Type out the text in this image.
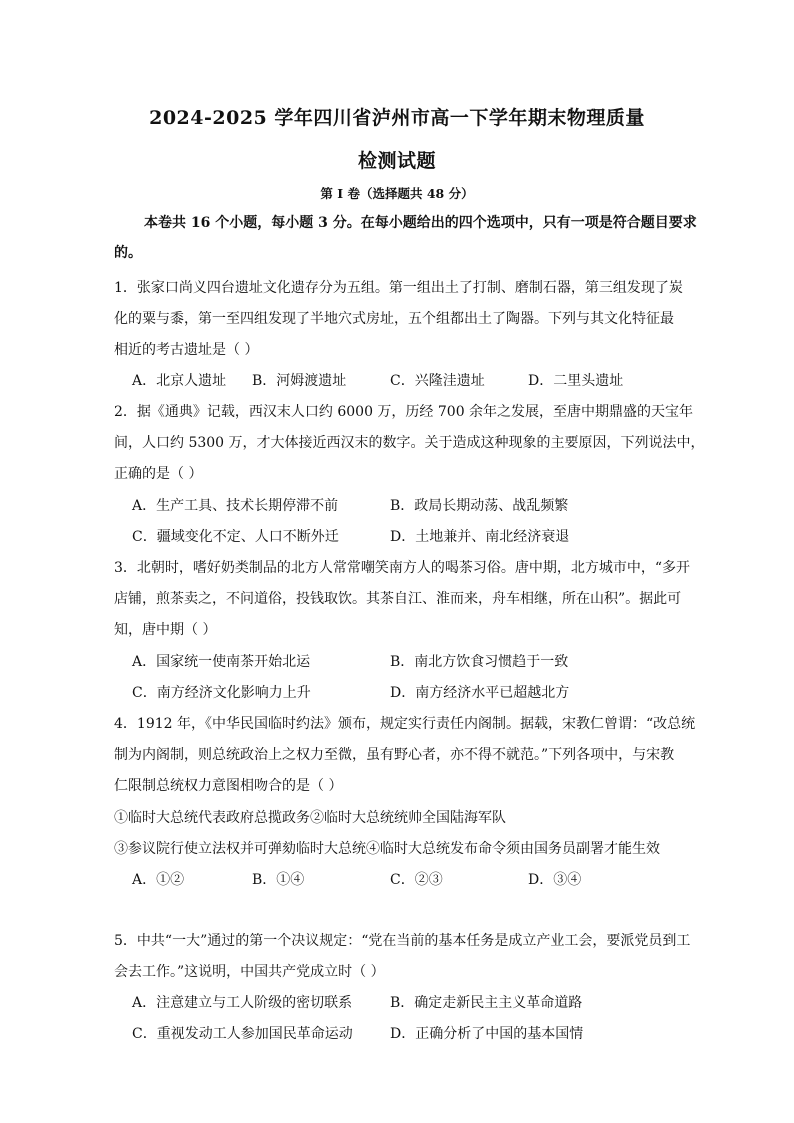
2024-2025 学年四川省泸州市高一下学年期末物理质量
检测试题
第 I 卷（选择题共 48 分）
本卷共 16 个小题，每小题 3 分。在每小题给出的四个选项中，只有一项是符合题目要求
的。
1．张家口尚义四台遗址文化遗存分为五组。第一组出土了打制、磨制石器，第三组发现了炭
化的粟与黍，第一至四组发现了半地穴式房址，五个组都出土了陶器。下列与其文化特征最
相近的考古遗址是（ ）
A．北京人遗址 B．河姆渡遗址	C．兴隆洼遗址	D．二里头遗址
2．据《通典》记载，西汉末人口约 6000 万，历经 700 余年之发展，至唐中期鼎盛的天宝年
间，人口约 5300 万，才大体接近西汉末的数字。关于造成这种现象的主要原因，下列说法中，
正确的是（ ）
A．生产工具、技术长期停滞不前	B．政局长期动荡、战乱频繁
C．疆域变化不定、人口不断外迁	D．土地兼并、南北经济衰退
3．北朝时，嗜好奶类制品的北方人常常嘲笑南方人的喝茶习俗。唐中期，北方城市中，“多开
店铺，煎茶卖之，不问道俗，投钱取饮。其茶自江、淮而来，舟车相继，所在山积”。据此可
知，唐中期（ ）
A．国家统一使南茶开始北运	B．南北方饮食习惯趋于一致
C．南方经济文化影响力上升	D．南方经济水平已超越北方
4．1912 年，《中华民国临时约法》颁布，规定实行责任内阁制。据载，宋教仁曾谓：“改总统
制为内阁制，则总统政治上之权力至微，虽有野心者，亦不得不就范。”下列各项中，与宋教
仁限制总统权力意图相吻合的是（ ）
①临时大总统代表政府总揽政务②临时大总统统帅全国陆海军队
③参议院行使立法权并可弹劾临时大总统④临时大总统发布命令须由国务员副署才能生效
A．①②	B．①④	C．②③	D．③④
5．中共“一大”通过的第一个决议规定：“党在当前的基本任务是成立产业工会，要派党员到工
会去工作。”这说明，中国共产党成立时（ ）
A．注意建立与工人阶级的密切联系	B．确定走新民主主义革命道路
C．重视发动工人参加国民革命运动	D．正确分析了中国的基本国情
